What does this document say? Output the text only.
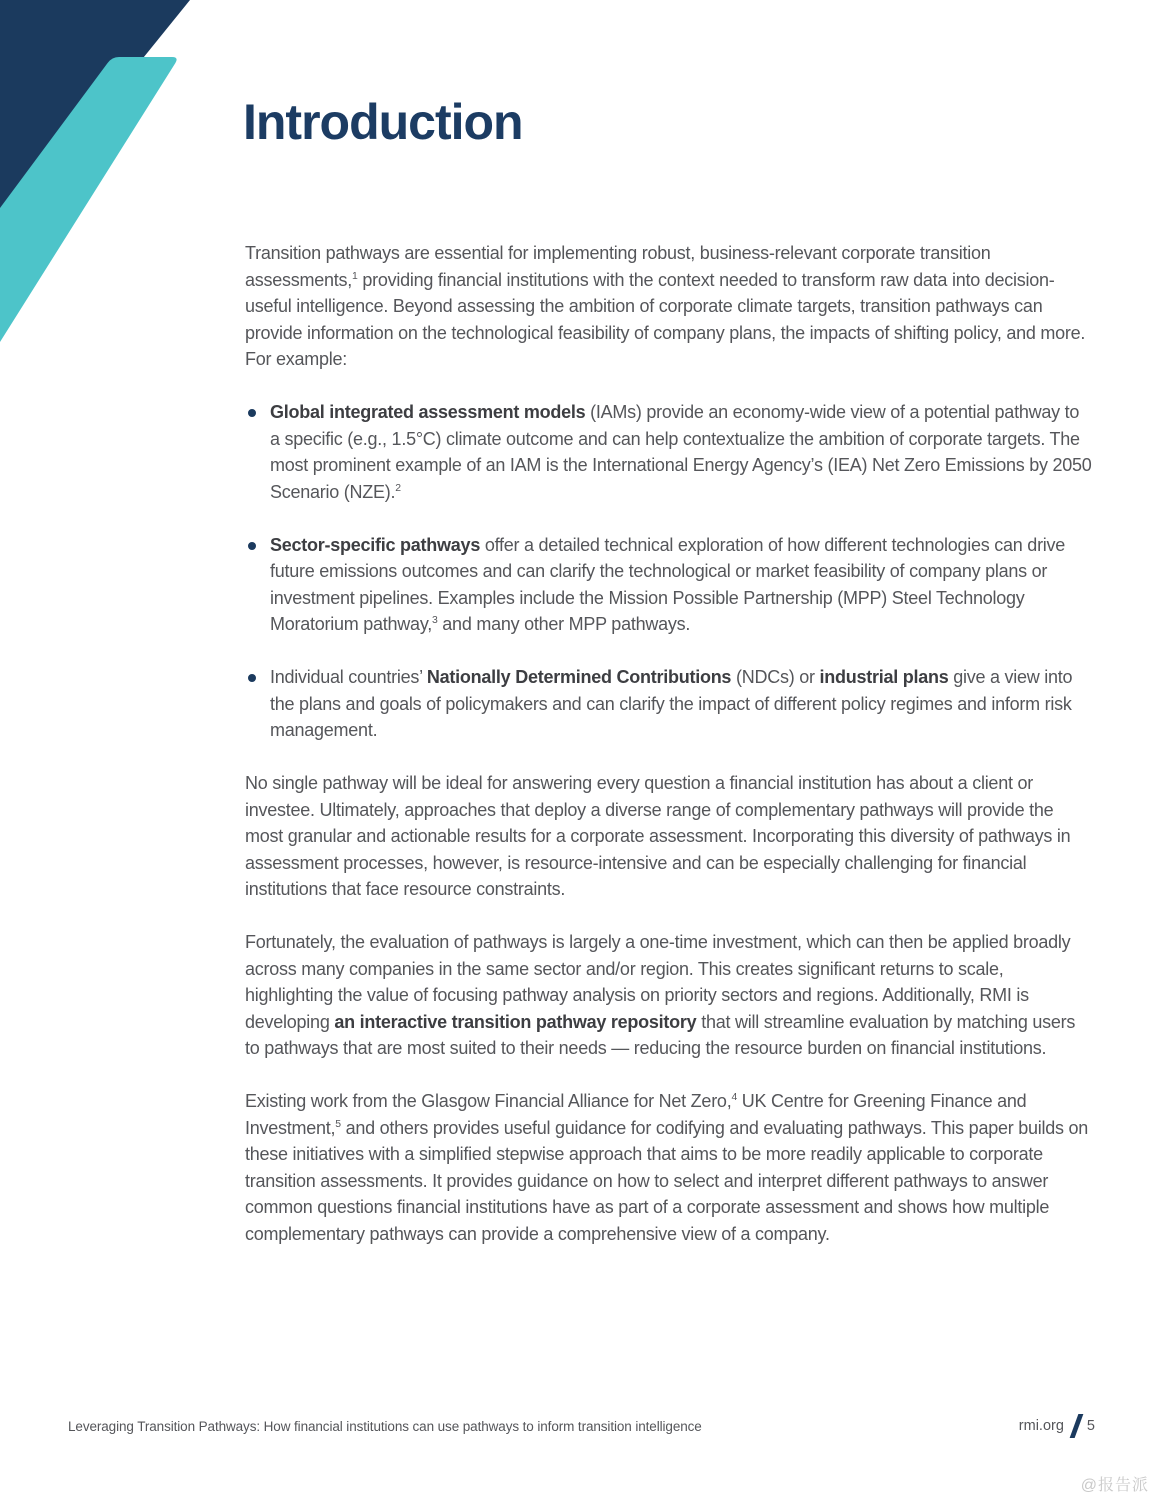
Introduction

Transition pathways are essential for implementing robust, business-relevant corporate transition assessments,$^1$ providing financial institutions with the context needed to transform raw data into decision-useful intelligence. Beyond assessing the ambition of corporate climate targets, transition pathways can provide information on the technological feasibility of company plans, the impacts of shifting policy, and more. For example:

Global integrated assessment models (IAMs) provide an economy-wide view of a potential pathway to a specific (e.g., 1.5°C) climate outcome and can help contextualize the ambition of corporate targets. The most prominent example of an IAM is the International Energy Agency’s (IEA) Net Zero Emissions by 2050 Scenario (NZE).$^2$

Sector-specific pathways offer a detailed technical exploration of how different technologies can drive future emissions outcomes and can clarify the technological or market feasibility of company plans or investment pipelines. Examples include the Mission Possible Partnership (MPP) Steel Technology Moratorium pathway,$^3$ and many other MPP pathways.

Individual countries’ Nationally Determined Contributions (NDCs) or industrial plans give a view into the plans and goals of policymakers and can clarify the impact of different policy regimes and inform risk management.

No single pathway will be ideal for answering every question a financial institution has about a client or investee. Ultimately, approaches that deploy a diverse range of complementary pathways will provide the most granular and actionable results for a corporate assessment. Incorporating this diversity of pathways in assessment processes, however, is resource-intensive and can be especially challenging for financial institutions that face resource constraints.

Fortunately, the evaluation of pathways is largely a one-time investment, which can then be applied broadly across many companies in the same sector and/or region. This creates significant returns to scale, highlighting the value of focusing pathway analysis on priority sectors and regions. Additionally, RMI is developing an interactive transition pathway repository that will streamline evaluation by matching users to pathways that are most suited to their needs — reducing the resource burden on financial institutions.

Existing work from the Glasgow Financial Alliance for Net Zero,$^4$ UK Centre for Greening Finance and Investment,$^5$ and others provides useful guidance for codifying and evaluating pathways. This paper builds on these initiatives with a simplified stepwise approach that aims to be more readily applicable to corporate transition assessments. It provides guidance on how to select and interpret different pathways to answer common questions financial institutions have as part of a corporate assessment and shows how multiple complementary pathways can provide a comprehensive view of a company.

Leveraging Transition Pathways: How financial institutions can use pathways to inform transition intelligence	rmi.org 5
@报告派
